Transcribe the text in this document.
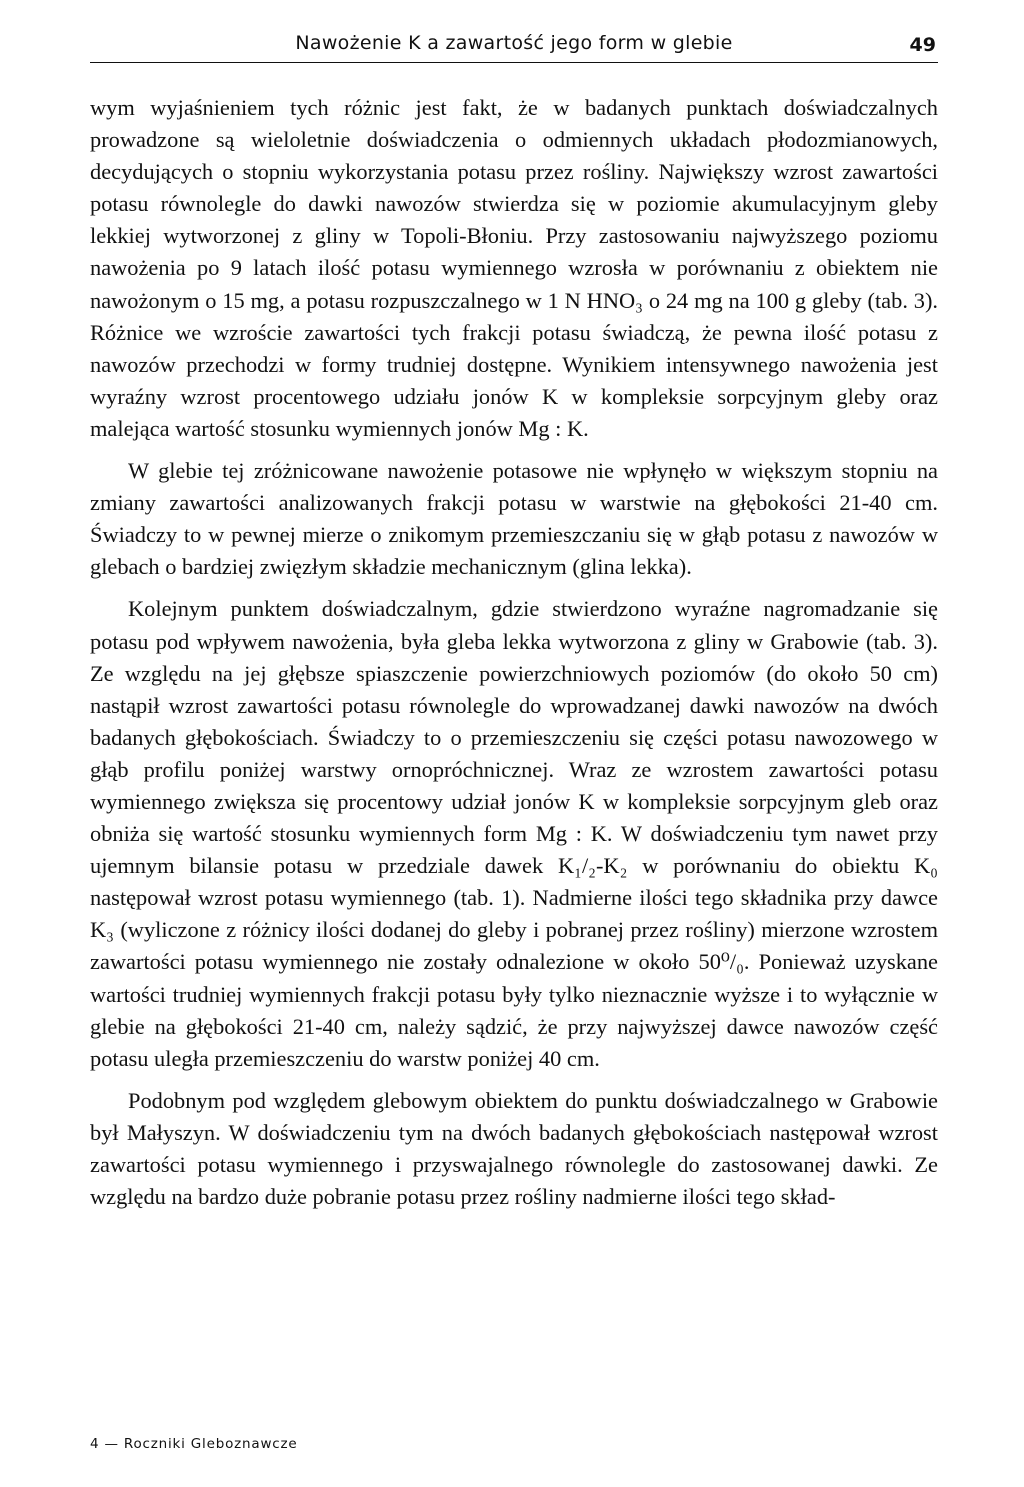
Nawożenie K a zawartość jego form w glebie	49

wym wyjaśnieniem tych różnic jest fakt, że w badanych punktach doświadczalnych prowadzone są wieloletnie doświadczenia o odmiennych układach płodozmianowych, decydujących o stopniu wykorzystania potasu przez rośliny. Największy wzrost zawartości potasu równolegle do dawki nawozów stwierdza się w poziomie akumulacyjnym gleby lekkiej wytworzonej z gliny w Topoli-Błoniu. Przy zastosowaniu najwyższego poziomu nawożenia po 9 latach ilość potasu wymiennego wzrosła w porównaniu z obiektem nie nawożonym o 15 mg, a potasu rozpuszczalnego w 1 N HNO₃ o 24 mg na 100 g gleby (tab. 3). Różnice we wzroście zawartości tych frakcji potasu świadczą, że pewna ilość potasu z nawozów przechodzi w formy trudniej dostępne. Wynikiem intensywnego nawożenia jest wyraźny wzrost procentowego udziału jonów K w kompleksie sorpcyjnym gleby oraz malejąca wartość stosunku wymiennych jonów Mg : K.

W glebie tej zróżnicowane nawożenie potasowe nie wpłynęło w większym stopniu na zmiany zawartości analizowanych frakcji potasu w warstwie na głębokości 21-40 cm. Świadczy to w pewnej mierze o znikomym przemieszczaniu się w głąb potasu z nawozów w glebach o bardziej zwięzłym składzie mechanicznym (glina lekka).

Kolejnym punktem doświadczalnym, gdzie stwierdzono wyraźne nagromadzanie się potasu pod wpływem nawożenia, była gleba lekka wytworzona z gliny w Grabowie (tab. 3). Ze względu na jej głębsze spiaszczenie powierzchniowych poziomów (do około 50 cm) nastąpił wzrost zawartości potasu równolegle do wprowadzanej dawki nawozów na dwóch badanych głębokościach. Świadczy to o przemieszczeniu się części potasu nawozowego w głąb profilu poniżej warstwy ornopróchnicznej. Wraz ze wzrostem zawartości potasu wymiennego zwiększa się procentowy udział jonów K w kompleksie sorpcyjnym gleb oraz obniża się wartość stosunku wymiennych form Mg : K. W doświadczeniu tym nawet przy ujemnym bilansie potasu w przedziale dawek K₁/₂-K₂ w porównaniu do obiektu K₀ następował wzrost potasu wymiennego (tab. 1). Nadmierne ilości tego składnika przy dawce K₃ (wyliczone z różnicy ilości dodanej do gleby i pobranej przez rośliny) mierzone wzrostem zawartości potasu wymiennego nie zostały odnalezione w około 50⁰/₀. Ponieważ uzyskane wartości trudniej wymiennych frakcji potasu były tylko nieznacznie wyższe i to wyłącznie w glebie na głębokości 21-40 cm, należy sądzić, że przy najwyższej dawce nawozów część potasu uległa przemieszczeniu do warstw poniżej 40 cm.

Podobnym pod względem glebowym obiektem do punktu doświadczalnego w Grabowie był Małyszyn. W doświadczeniu tym na dwóch badanych głębokościach następował wzrost zawartości potasu wymiennego i przyswajalnego równolegle do zastosowanej dawki. Ze względu na bardzo duże pobranie potasu przez rośliny nadmierne ilości tego skład-

4 — Roczniki Gleboznawcze
